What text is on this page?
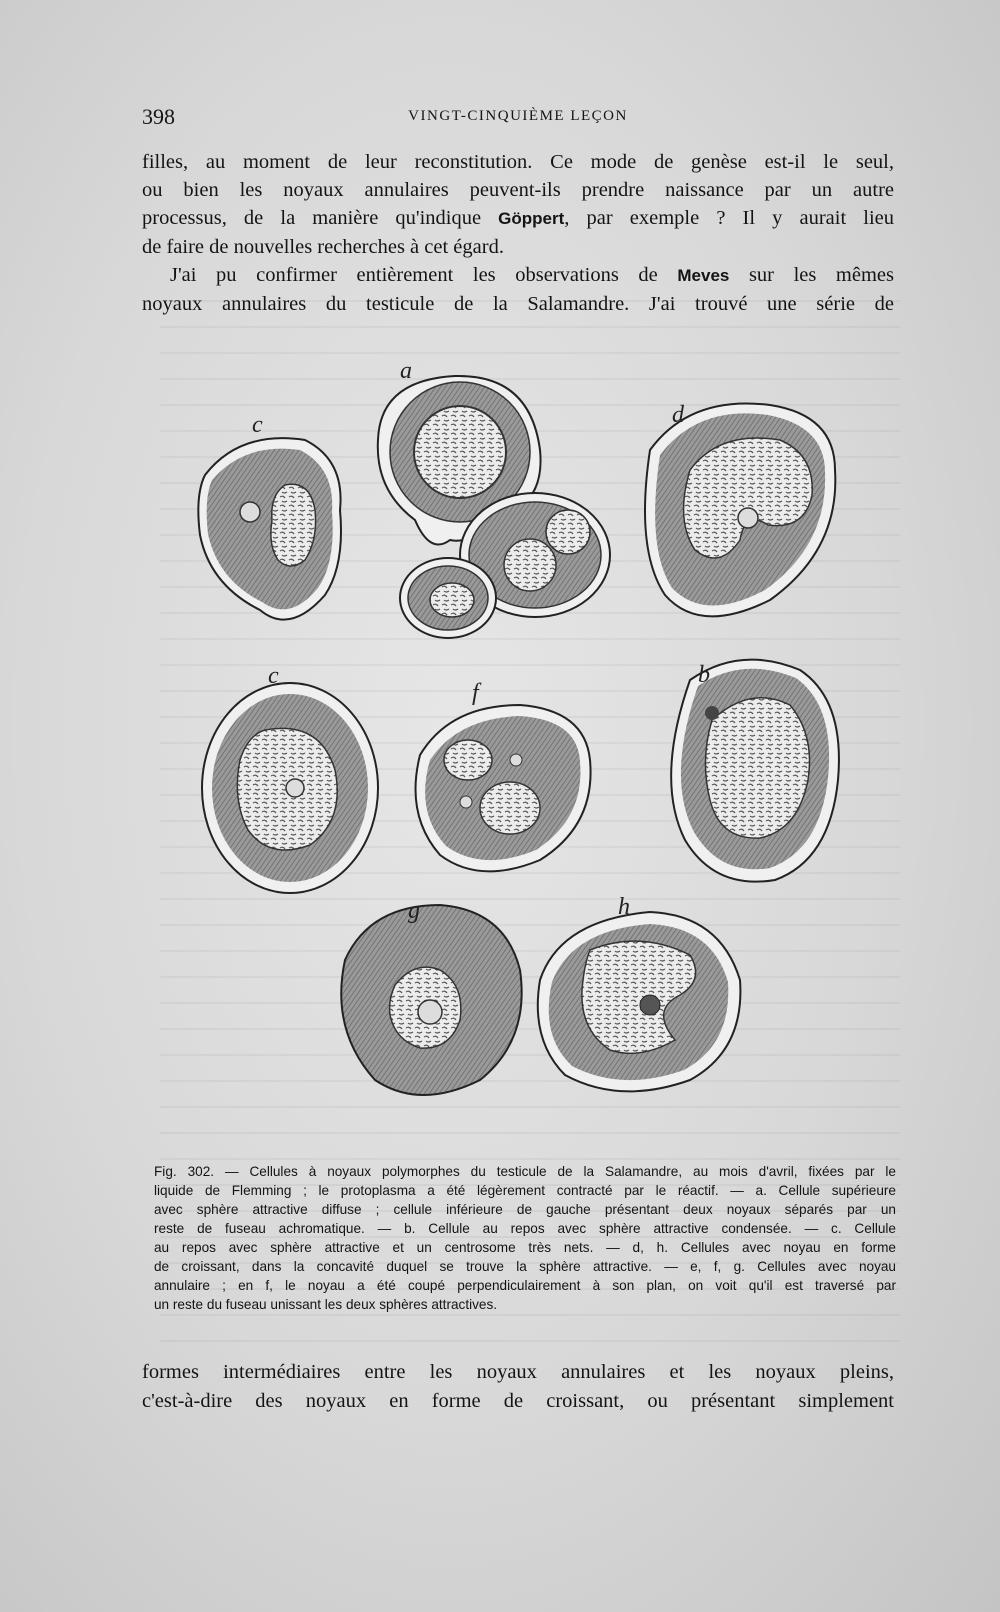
398	VINGT-CINQUIÈME LEÇON

filles, au moment de leur reconstitution. Ce mode de genèse est-il le seul,

ou bien les noyaux annulaires peuvent-ils prendre naissance par un autre

processus, de la manière qu'indique Göppert, par exemple ? Il y aurait lieu

de faire de nouvelles recherches à cet égard.

J'ai pu confirmer entièrement les observations de Meves sur les mêmes

noyaux annulaires du testicule de la Salamandre. J'ai trouvé une série de

a
c	d
c
f
b
g	h

Fig. 302. — Cellules à noyaux polymorphes du testicule de la Salamandre, au mois d'avril, fixées par le

liquide de Flemming ; le protoplasma a été légèrement contracté par le réactif. — a. Cellule supérieure

avec sphère attractive diffuse ; cellule inférieure de gauche présentant deux noyaux séparés par un

reste de fuseau achromatique. — b. Cellule au repos avec sphère attractive condensée. — c. Cellule

au repos avec sphère attractive et un centrosome très nets. — d, h. Cellules avec noyau en forme

de croissant, dans la concavité duquel se trouve la sphère attractive. — e, f, g. Cellules avec noyau

annulaire ; en f, le noyau a été coupé perpendiculairement à son plan, on voit qu'il est traversé par

un reste du fuseau unissant les deux sphères attractives.

formes intermédiaires entre les noyaux annulaires et les noyaux pleins,

c'est-à-dire des noyaux en forme de croissant, ou présentant simplement
